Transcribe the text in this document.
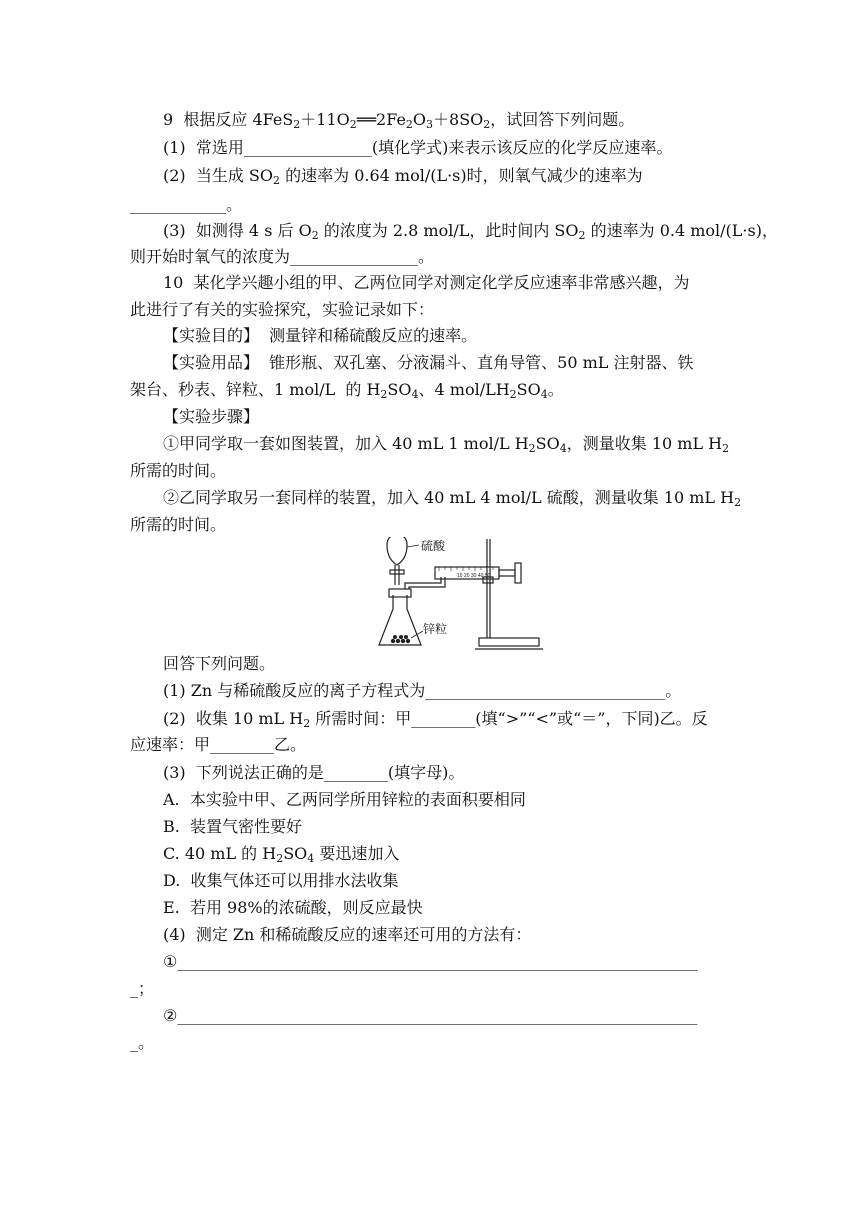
9  根据反应 $4FeS_2+11O_2══2Fe_2O_3+8SO_2$，试回答下列问题。
(1)  常选用________________(填化学式)来表示该反应的化学反应速率。
(2)  当生成 $SO_2$ 的速率为 0.64 mol/(L·s)时，则氧气减少的速率为
____________。
(3)  如测得 4 s 后 $O_2$ 的浓度为 2.8 mol/L，此时间内 $SO_2$ 的速率为 0.4 mol/(L·s)，
则开始时氧气的浓度为________________。
10  某化学兴趣小组的甲、乙两位同学对测定化学反应速率非常感兴趣，为
此进行了有关的实验探究，实验记录如下：
【实验目的】  测量锌和稀硫酸反应的速率。
【实验用品】  锥形瓶、双孔塞、分液漏斗、直角导管、50 mL 注射器、铁
架台、秒表、锌粒、1 mol/L  的 $H_2SO_4$、4 mol/$LH_2SO_4$。
【实验步骤】
①甲同学取一套如图装置，加入 40 mL 1 mol/L $H_2SO_4$，测量收集 10 mL $H_2$
所需的时间。
②乙同学取另一套同样的装置，加入 40 mL 4 mol/L 硫酸，测量收集 10 mL $H_2$
所需的时间。
10 20 30 40 50
硫酸
锌粒
回答下列问题。
(1) Zn 与稀硫酸反应的离子方程式为______________________________。
(2)  收集 10 mL $H_2$ 所需时间：甲________(填“>”“<”或“＝”，下同)乙。反
应速率：甲________乙。
(3)  下列说法正确的是________(填字母)。
A.  本实验中甲、乙两同学所用锌粒的表面积要相同
B.  装置气密性要好
C. 40 mL 的 $H_2SO_4$ 要迅速加入
D.  收集气体还可以用排水法收集
E.  若用 98%的浓硫酸，则反应最快
(4)  测定 Zn 和稀硫酸反应的速率还可用的方法有：
①_________________________________________________________________
_；
②_________________________________________________________________
_。
